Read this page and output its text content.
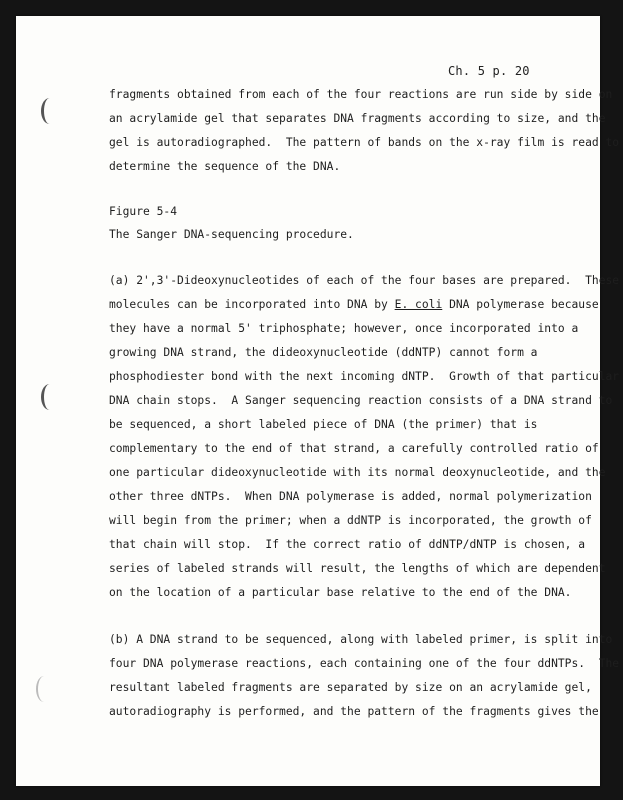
Ch. 5 p. 20
fragments obtained from each of the four reactions are run side by side on
an acrylamide gel that separates DNA fragments according to size, and the
gel is autoradiographed.  The pattern of bands on the x-ray film is read to
determine the sequence of the DNA.
Figure 5-4
The Sanger DNA-sequencing procedure.
(a) 2',3'-Dideoxynucleotides of each of the four bases are prepared.  These
molecules can be incorporated into DNA by E. coli DNA polymerase because
they have a normal 5' triphosphate; however, once incorporated into a
growing DNA strand, the dideoxynucleotide (ddNTP) cannot form a
phosphodiester bond with the next incoming dNTP.  Growth of that particular
DNA chain stops.  A Sanger sequencing reaction consists of a DNA strand to
be sequenced, a short labeled piece of DNA (the primer) that is
complementary to the end of that strand, a carefully controlled ratio of
one particular dideoxynucleotide with its normal deoxynucleotide, and the
other three dNTPs.  When DNA polymerase is added, normal polymerization
will begin from the primer; when a ddNTP is incorporated, the growth of
that chain will stop.  If the correct ratio of ddNTP/dNTP is chosen, a
series of labeled strands will result, the lengths of which are dependent
on the location of a particular base relative to the end of the DNA.
(b) A DNA strand to be sequenced, along with labeled primer, is split into
four DNA polymerase reactions, each containing one of the four ddNTPs.  The
resultant labeled fragments are separated by size on an acrylamide gel,
autoradiography is performed, and the pattern of the fragments gives the
